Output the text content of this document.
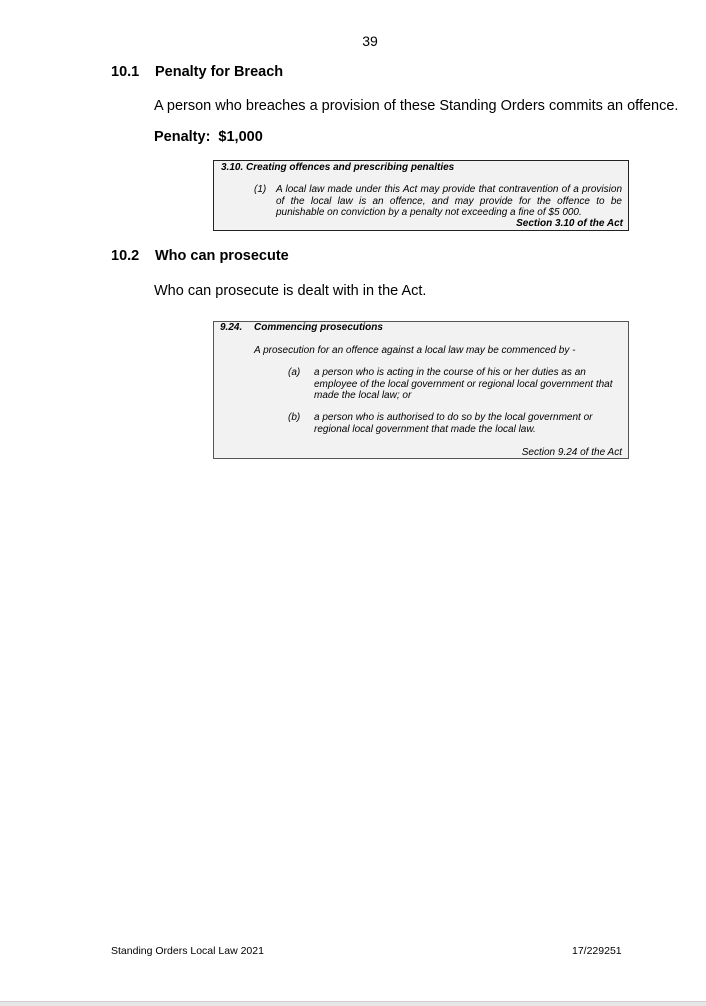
39
10.1 Penalty for Breach
A person who breaches a provision of these Standing Orders commits an offence.
Penalty: $1,000
3.10. Creating offences and prescribing penalties
(1) A local law made under this Act may provide that contravention of a provision of the local law is an offence, and may provide for the offence to be punishable on conviction by a penalty not exceeding a fine of $5 000.
Section 3.10 of the Act
10.2 Who can prosecute
Who can prosecute is dealt with in the Act.
9.24. Commencing prosecutions
A prosecution for an offence against a local law may be commenced by -
(a) a person who is acting in the course of his or her duties as an employee of the local government or regional local government that made the local law; or
(b) a person who is authorised to do so by the local government or regional local government that made the local law.
Section 9.24 of the Act
Standing Orders Local Law 2021	17/229251
